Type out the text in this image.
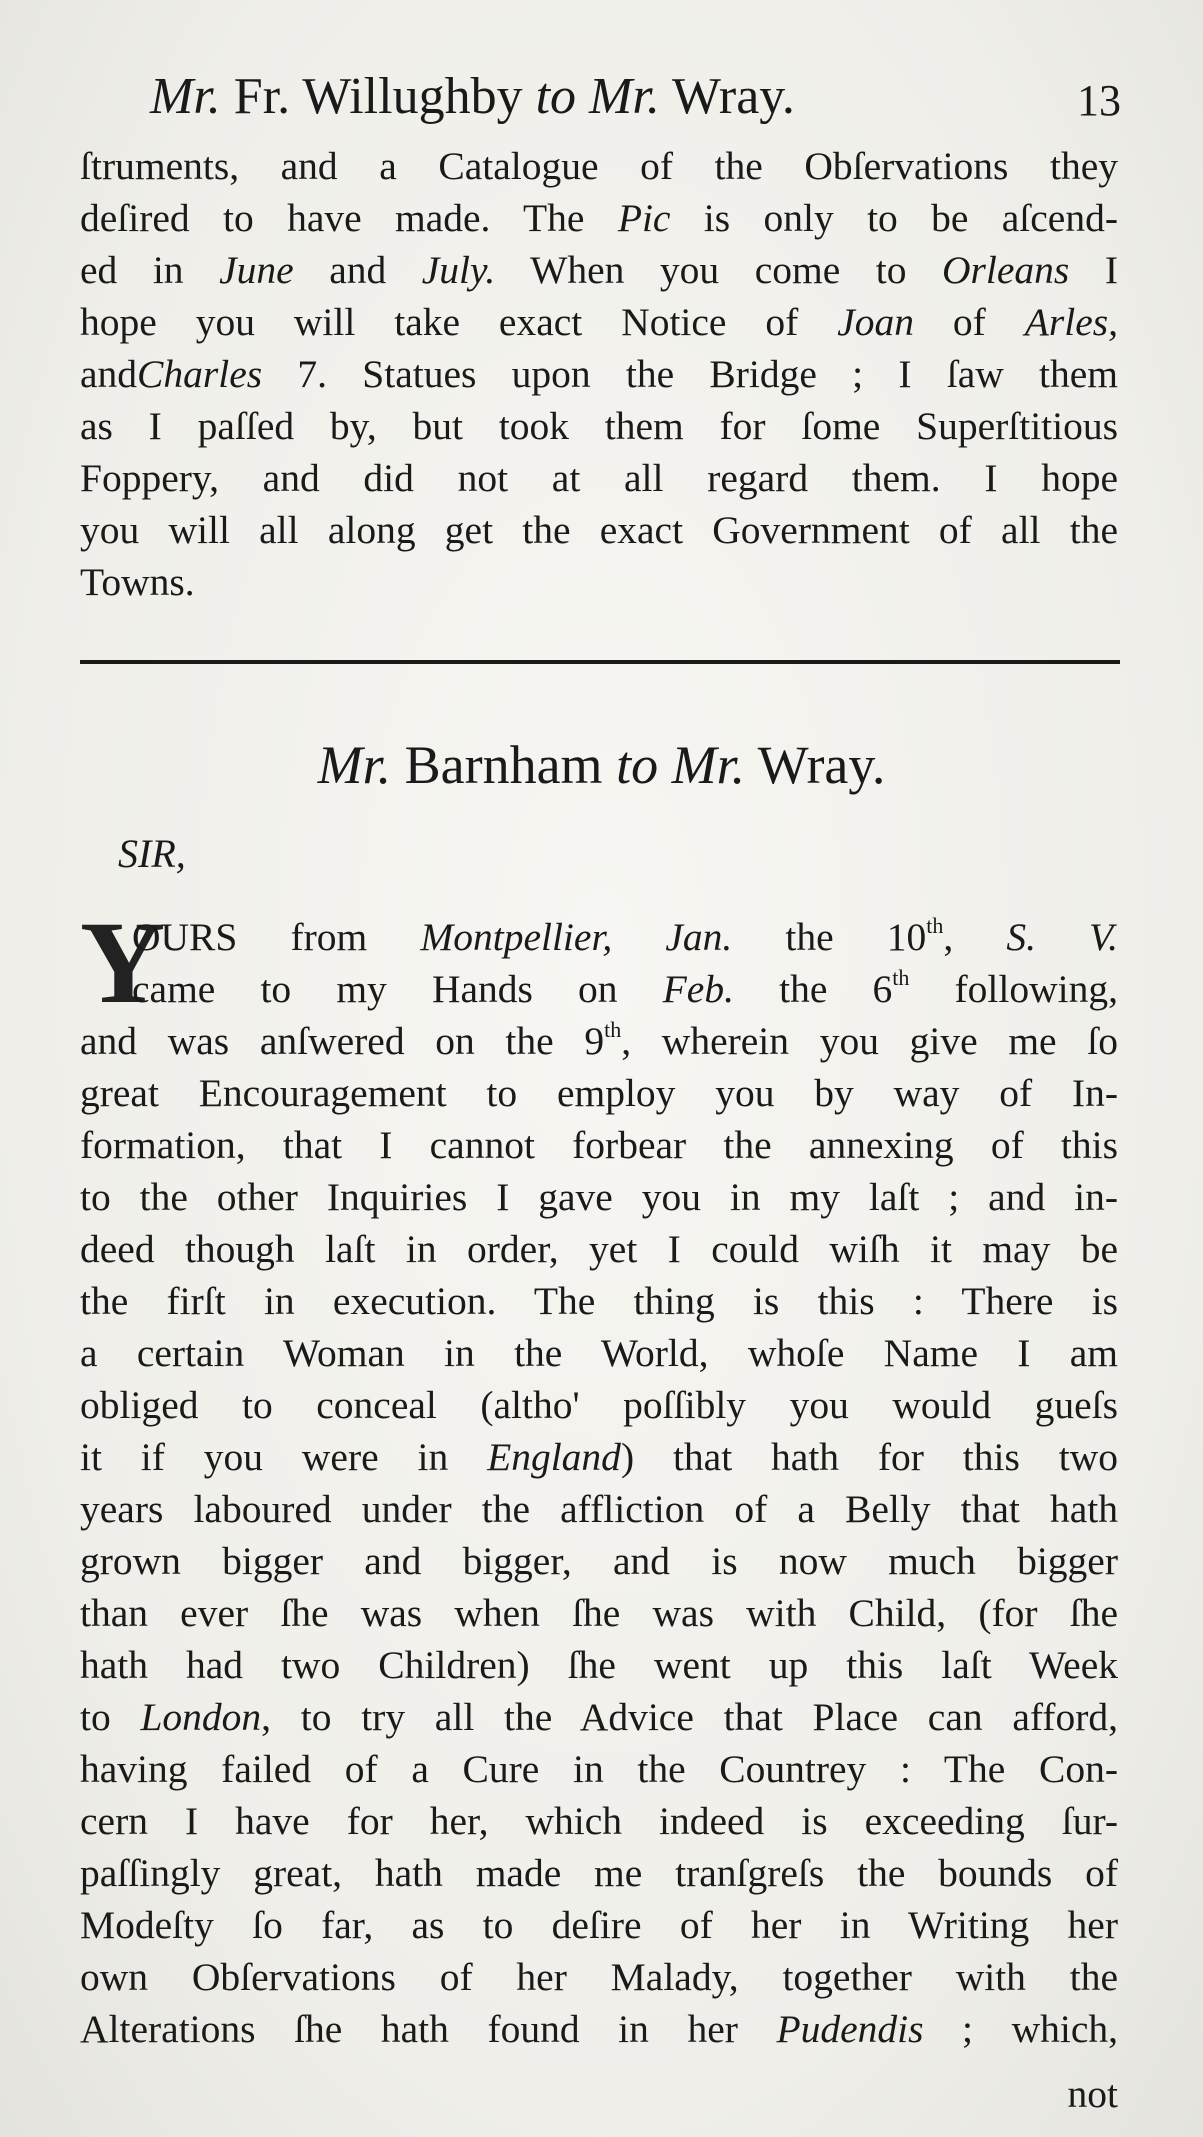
Mr. Fr. Willughby to Mr. Wray.	13
ſtruments, and a Catalogue of the Obſervations they
deſired to have made. The Pic is only to be aſcend-
ed in June and July. When you come to Orleans I
hope you will take exact Notice of Joan of Arles,
andCharles 7. Statues upon the Bridge ; I ſaw them
as I paſſed by, but took them for ſome Superſtitious
Foppery, and did not at all regard them. I hope
you will all along get the exact Government of all the
Towns.
Mr. Barnham to Mr. Wray.
SIR,
Y
OURS from Montpellier, Jan. the 10th, S. V.
came to my Hands on Feb. the 6th following,
and was anſwered on the 9th, wherein you give me ſo
great Encouragement to employ you by way of In-
formation, that I cannot forbear the annexing of this
to the other Inquiries I gave you in my laſt ; and in-
deed though laſt in order, yet I could wiſh it may be
the firſt in execution. The thing is this : There is
a certain Woman in the World, whoſe Name I am
obliged to conceal (altho' poſſibly you would gueſs
it if you were in England) that hath for this two
years laboured under the affliction of a Belly that hath
grown bigger and bigger, and is now much bigger
than ever ſhe was when ſhe was with Child, (for ſhe
hath had two Children) ſhe went up this laſt Week
to London, to try all the Advice that Place can afford,
having failed of a Cure in the Countrey : The Con-
cern I have for her, which indeed is exceeding ſur-
paſſingly great, hath made me tranſgreſs the bounds of
Modeſty ſo far, as to deſire of her in Writing her
own Obſervations of her Malady, together with the
Alterations ſhe hath found in her Pudendis ; which,
not
